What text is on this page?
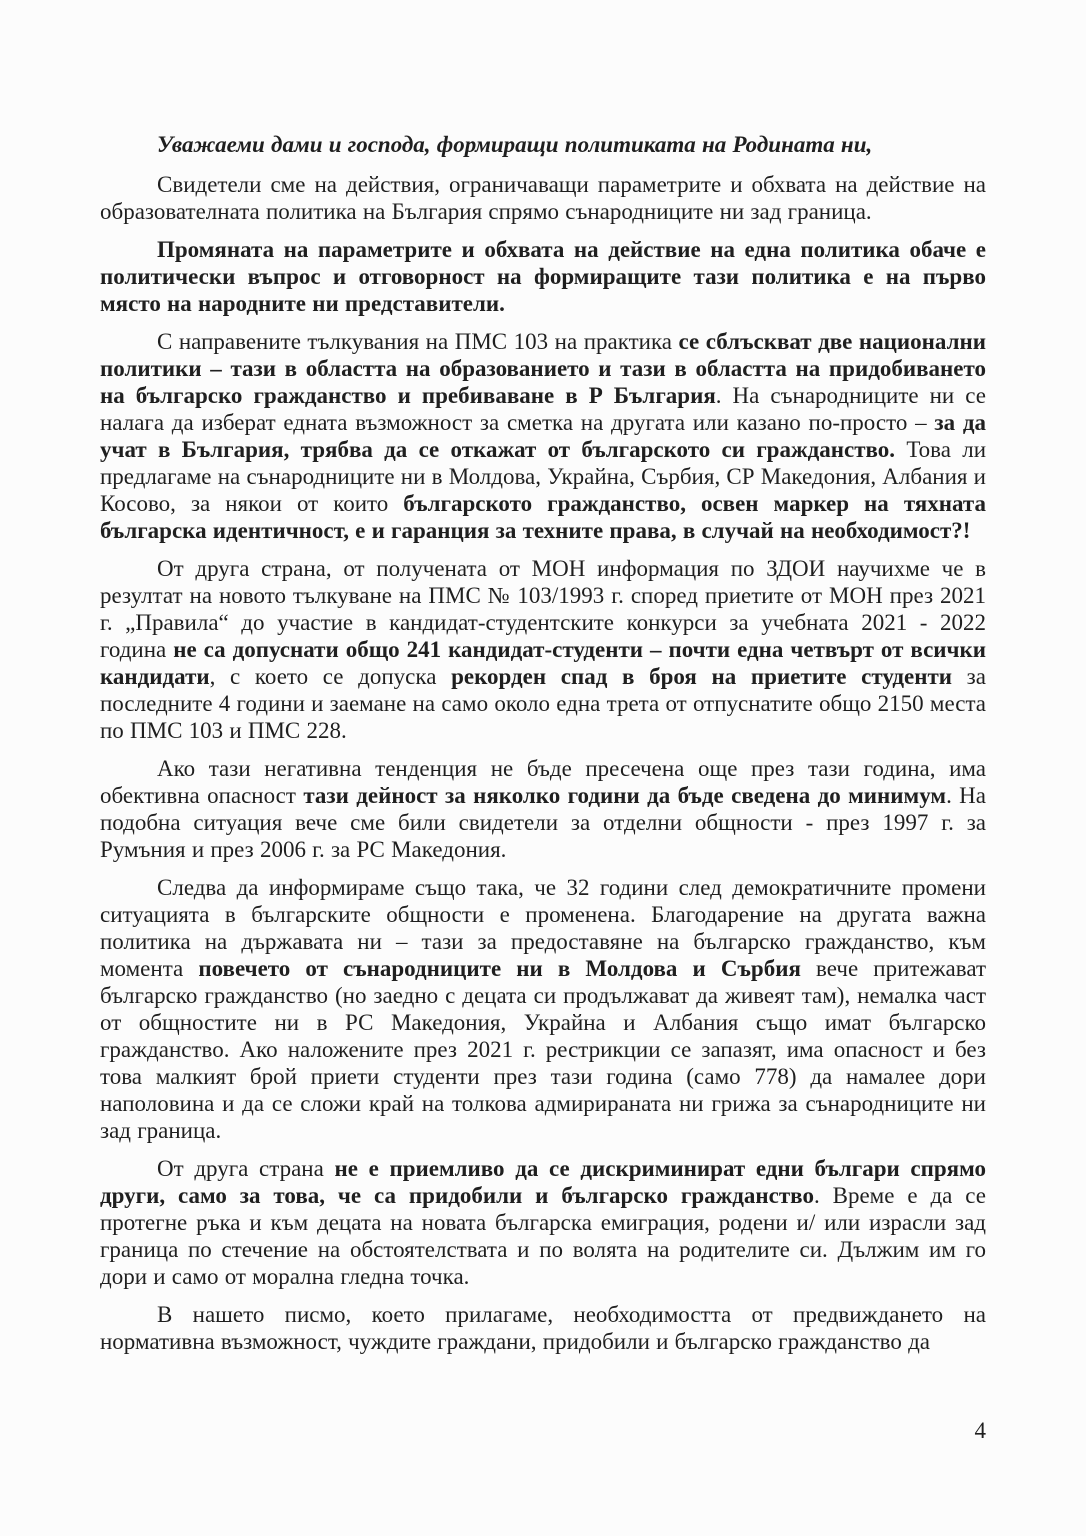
Уважаеми дами и господа, формиращи политиката на Родината ни,

Свидетели сме на действия, ограничаващи параметрите и обхвата на действие на образователната политика на България спрямо сънародниците ни зад граница.

Промяната на параметрите и обхвата на действие на една политика обаче е политически въпрос и отговорност на формиращите тази политика е на първо място на народните ни представители.

С направените тълкувания на ПМС 103 на практика се сблъскват две национални политики – тази в областта на образованието и тази в областта на придобиването на българско гражданство и пребиваване в Р България. На сънародниците ни се налага да изберат едната възможност за сметка на другата или казано по-просто – за да учат в България, трябва да се откажат от българското си гражданство. Това ли предлагаме на сънародниците ни в Молдова, Украйна, Сърбия, СР Македония, Албания и Косово, за някои от които българското гражданство, освен маркер на тяхната българска идентичност, е и гаранция за техните права, в случай на необходимост?!

От друга страна, от получената от МОН информация по ЗДОИ научихме че в резултат на новото тълкуване на ПМС № 103/1993 г. според приетите от МОН през 2021 г. „Правила“ до участие в кандидат-студентските конкурси за учебната 2021 - 2022 година не са допуснати общо 241 кандидат-студенти – почти една четвърт от всички кандидати, с което се допуска рекорден спад в броя на приетите студенти за последните 4 години и заемане на само около една трета от отпуснатите общо 2150 места по ПМС 103 и ПМС 228.

Ако тази негативна тенденция не бъде пресечена още през тази година, има обективна опасност тази дейност за няколко години да бъде сведена до минимум. На подобна ситуация вече сме били свидетели за отделни общности - през 1997 г. за Румъния и през 2006 г. за РС Македония.

Следва да информираме също така, че 32 години след демократичните промени ситуацията в българските общности е променена. Благодарение на другата важна политика на държавата ни – тази за предоставяне на българско гражданство, към момента повечето от сънародниците ни в Молдова и Сърбия вече притежават българско гражданство (но заедно с децата си продължават да живеят там), немалка част от общностите ни в РС Македония, Украйна и Албания също имат българско гражданство. Ако наложените през 2021 г. рестрикции се запазят, има опасност и без това малкият брой приети студенти през тази година (само 778) да намалее дори наполовина и да се сложи край на толкова адмирираната ни грижа за сънародниците ни зад граница.

От друга страна не е приемливо да се дискриминират едни българи спрямо други, само за това, че са придобили и българско гражданство. Време е да се протегне ръка и към децата на новата българска емиграция, родени и/ или израсли зад граница по стечение на обстоятелствата и по волята на родителите си. Дължим им го дори и само от морална гледна точка.

В нашето писмо, което прилагаме, необходимостта от предвиждането на нормативна възможност, чуждите граждани, придобили и българско гражданство да

4
